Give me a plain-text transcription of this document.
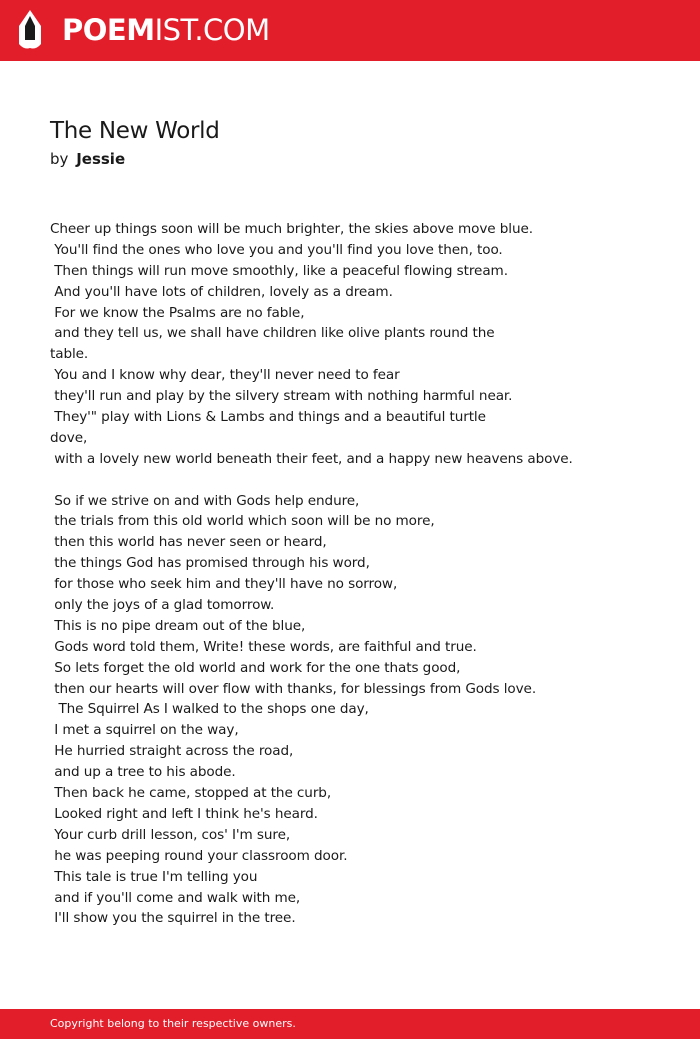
POEMIST.COM
The New World
by Jessie
Cheer up things soon will be much brighter, the skies above move blue.
You'll find the ones who love you and you'll find you love then, too.
Then things will run move smoothly, like a peaceful flowing stream.
And you'll have lots of children, lovely as a dream.
For we know the Psalms are no fable,
and they tell us, we shall have children like olive plants round the
table.
You and I know why dear, they'll never need to fear
they'll run and play by the silvery stream with nothing harmful near.
They'" play with Lions & Lambs and things and a beautiful turtle
dove,
with a lovely new world beneath their feet, and a happy new heavens above.
So if we strive on and with Gods help endure,
the trials from this old world which soon will be no more,
then this world has never seen or heard,
the things God has promised through his word,
for those who seek him and they'll have no sorrow,
only the joys of a glad tomorrow.
This is no pipe dream out of the blue,
Gods word told them, Write! these words, are faithful and true.
So lets forget the old world and work for the one thats good,
then our hearts will over flow with thanks, for blessings from Gods love.
The Squirrel As I walked to the shops one day,
I met a squirrel on the way,
He hurried straight across the road,
and up a tree to his abode.
Then back he came, stopped at the curb,
Looked right and left I think he's heard.
Your curb drill lesson, cos' I'm sure,
he was peeping round your classroom door.
This tale is true I'm telling you
and if you'll come and walk with me,
I'll show you the squirrel in the tree.
Copyright belong to their respective owners.
